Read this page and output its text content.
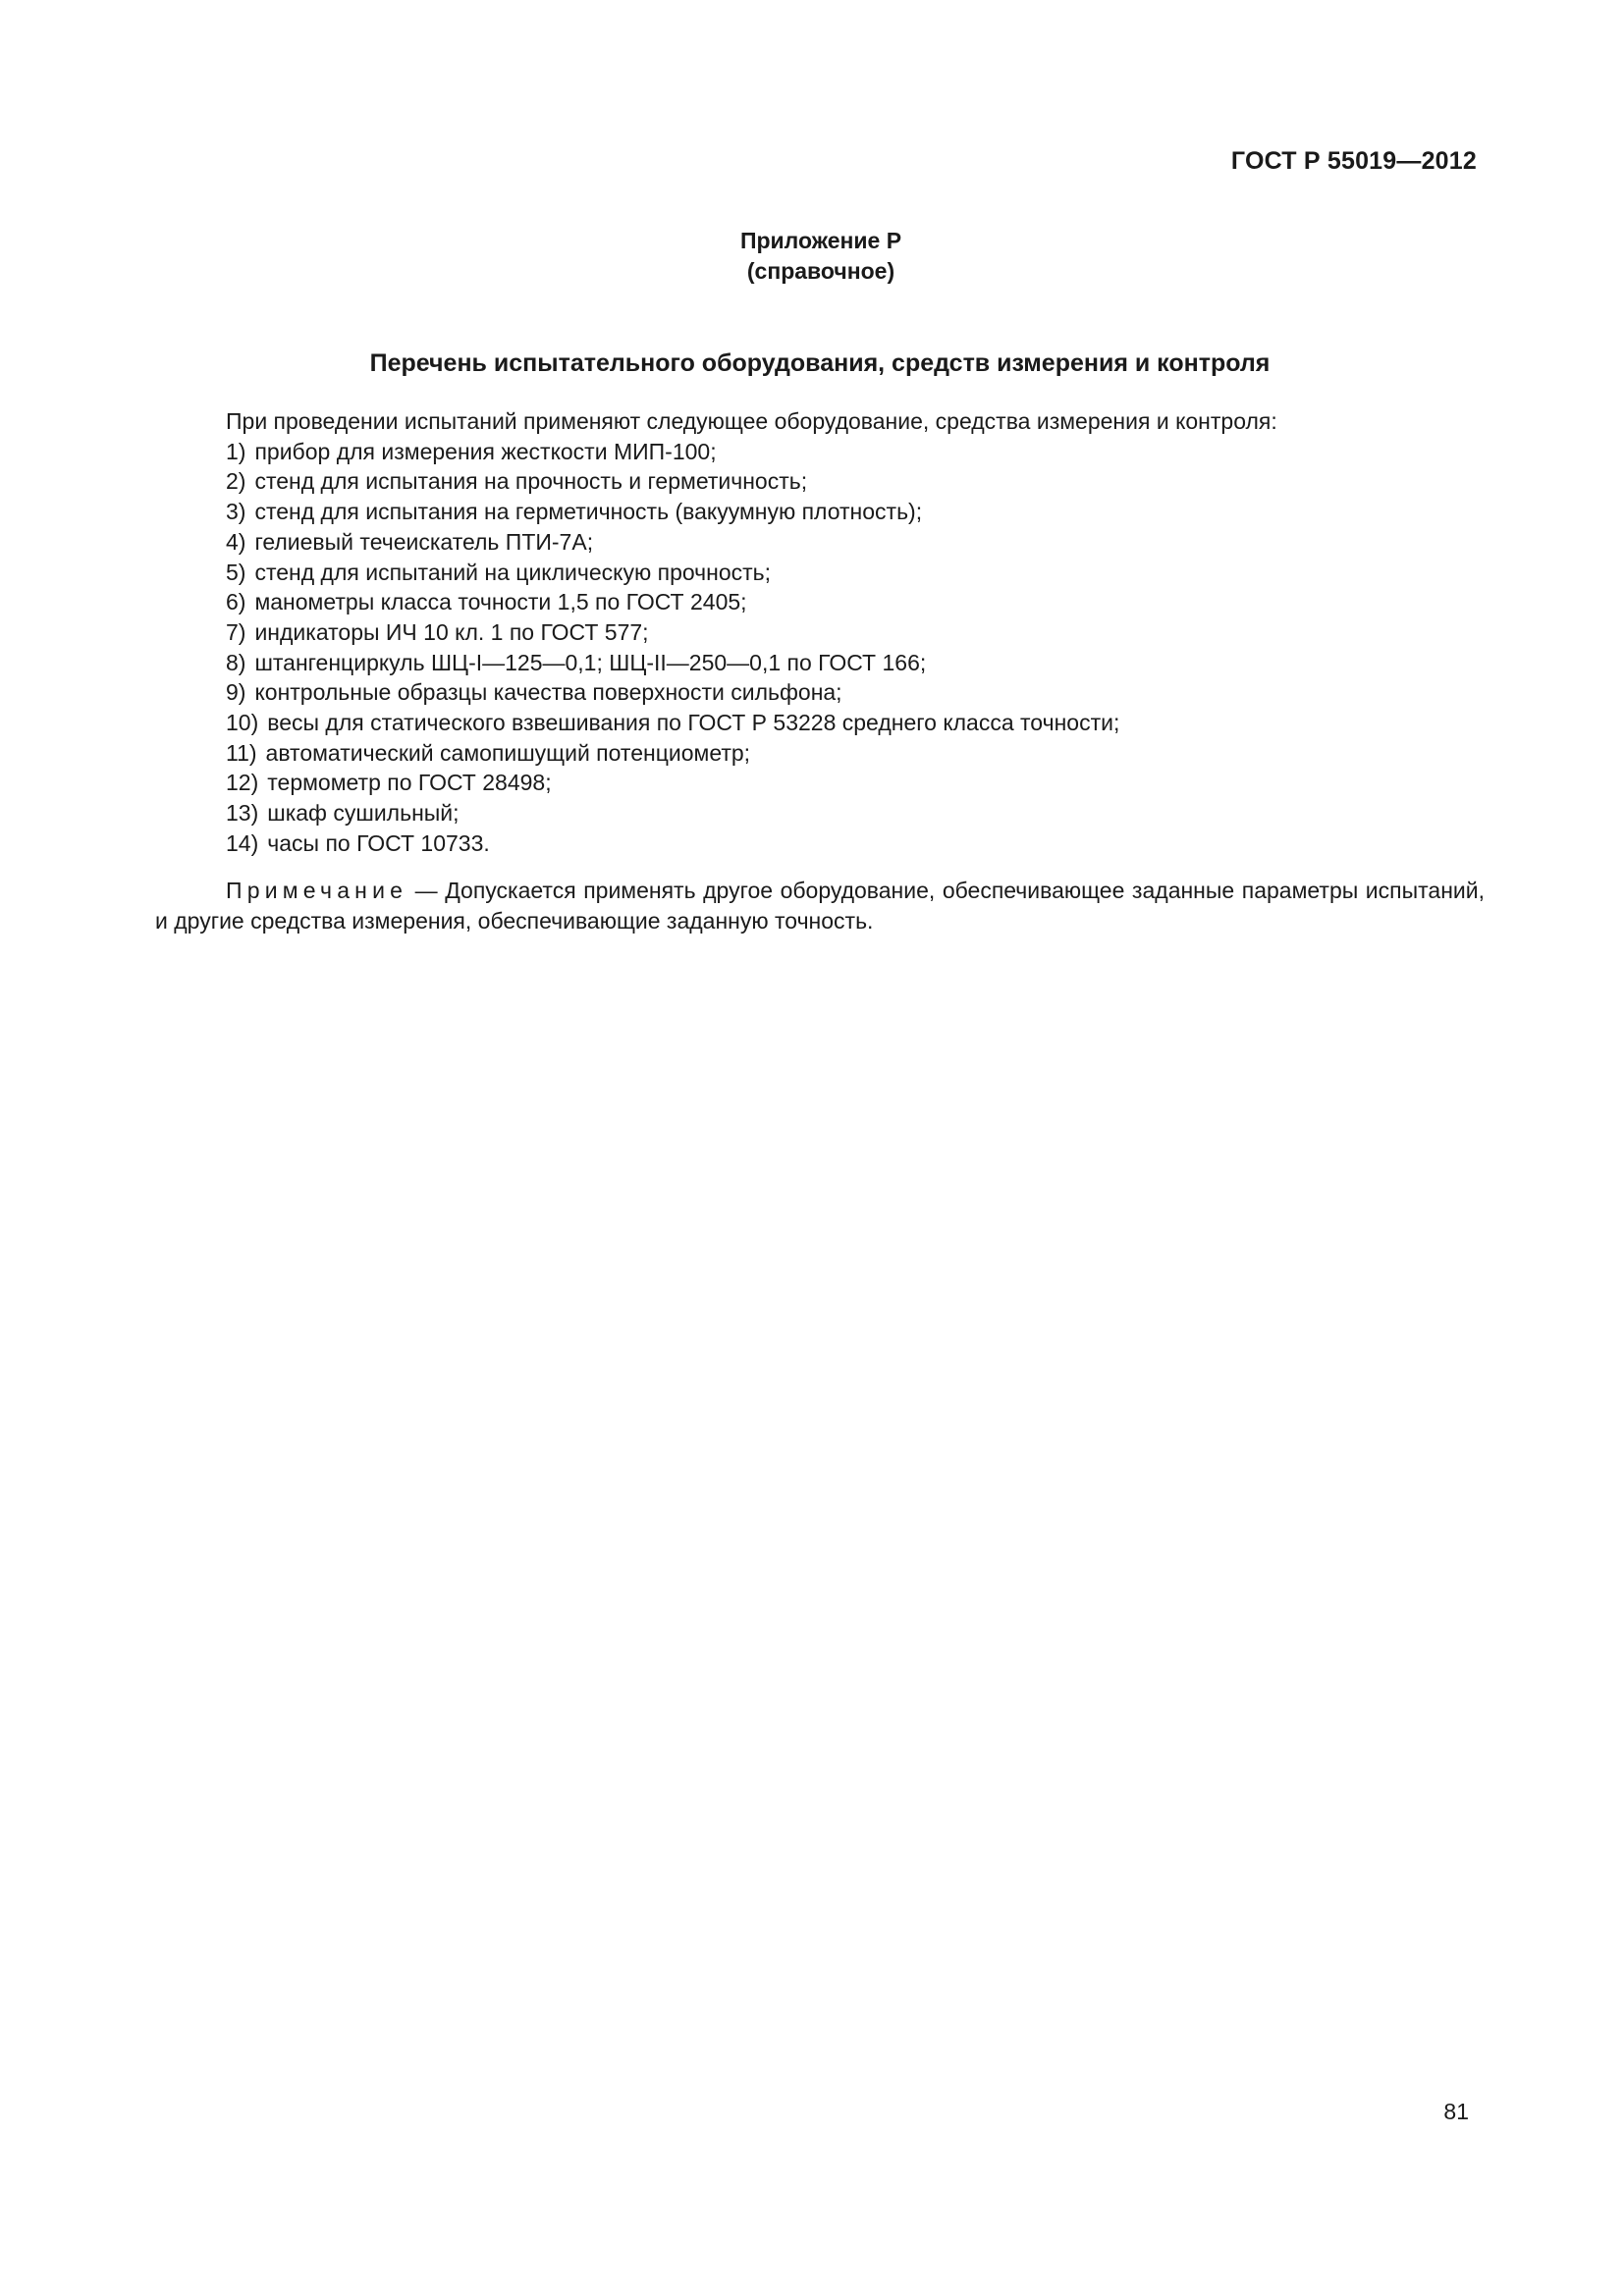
ГОСТ Р 55019—2012
Приложение Р
(справочное)
Перечень испытательного оборудования, средств измерения и контроля
При проведении испытаний применяют следующее оборудование, средства измерения и контроля:
1) прибор для измерения жесткости МИП-100;
2) стенд для испытания на прочность и герметичность;
3) стенд для испытания на герметичность (вакуумную плотность);
4) гелиевый течеискатель ПТИ-7А;
5) стенд для испытаний на циклическую прочность;
6) манометры класса точности 1,5 по ГОСТ 2405;
7) индикаторы ИЧ 10 кл. 1 по ГОСТ 577;
8) штангенциркуль ШЦ-I—125—0,1; ШЦ-II—250—0,1 по ГОСТ 166;
9) контрольные образцы качества поверхности сильфона;
10) весы для статического взвешивания по ГОСТ Р 53228 среднего класса точности;
11) автоматический самопишущий потенциометр;
12) термометр по ГОСТ 28498;
13) шкаф сушильный;
14) часы по ГОСТ 10733.
Примечание — Допускается применять другое оборудование, обеспечивающее заданные параметры испытаний, и другие средства измерения, обеспечивающие заданную точность.
81
